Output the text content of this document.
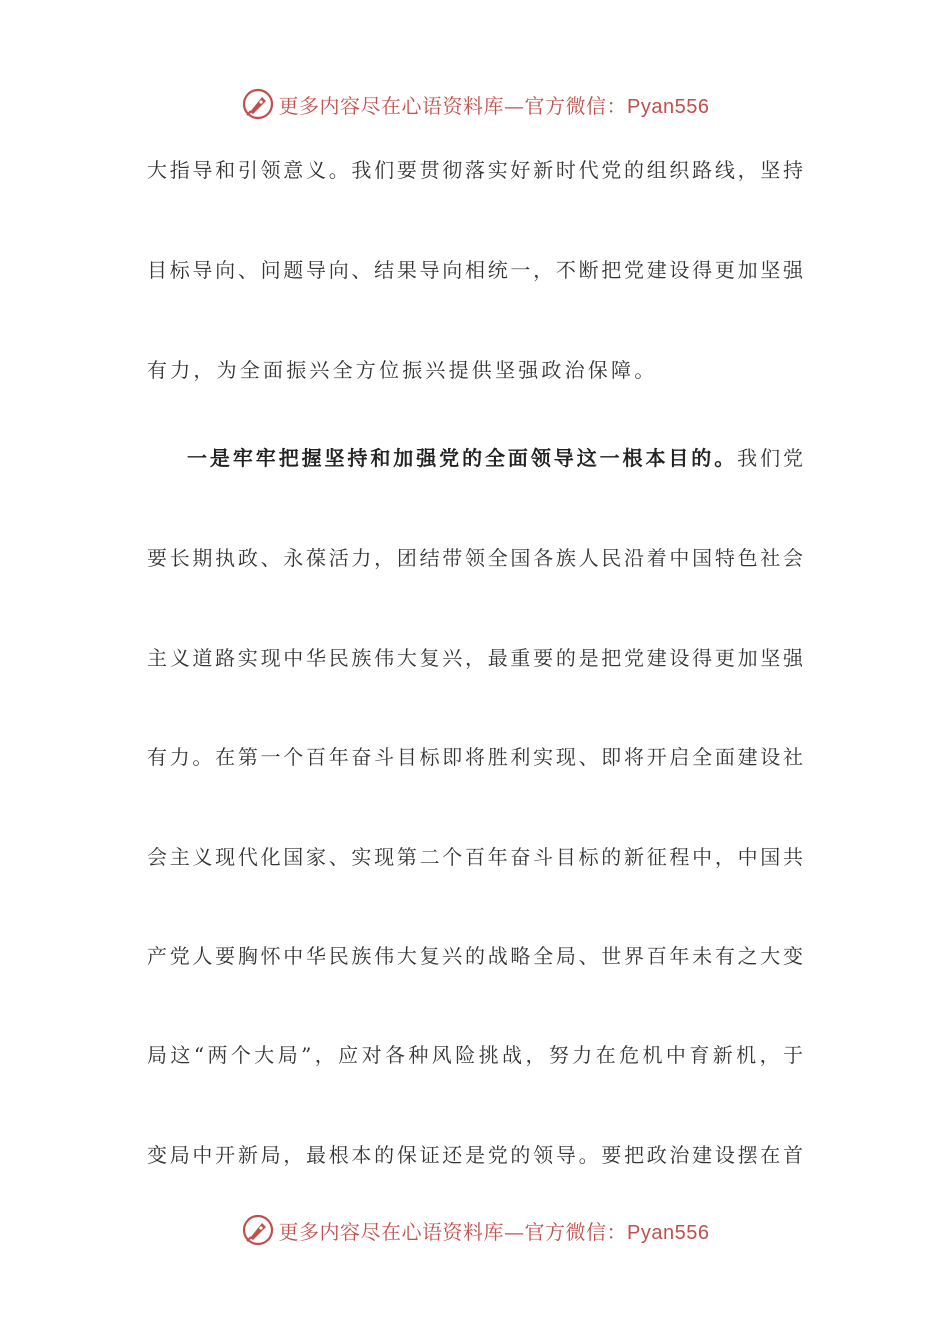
更多内容尽在心语资料库—官方微信：Pyan556
大指导和引领意义。我们要贯彻落实好新时代党的组织路线，坚持
目标导向、问题导向、结果导向相统一，不断把党建设得更加坚强
有力，为全面振兴全方位振兴提供坚强政治保障。
一是牢牢把握坚持和加强党的全面领导这一根本目的。我们党
要长期执政、永葆活力，团结带领全国各族人民沿着中国特色社会
主义道路实现中华民族伟大复兴，最重要的是把党建设得更加坚强
有力。在第一个百年奋斗目标即将胜利实现、即将开启全面建设社
会主义现代化国家、实现第二个百年奋斗目标的新征程中，中国共
产党人要胸怀中华民族伟大复兴的战略全局、世界百年未有之大变
局这“两个大局”，应对各种风险挑战，努力在危机中育新机，于
变局中开新局，最根本的保证还是党的领导。要把政治建设摆在首
更多内容尽在心语资料库—官方微信：Pyan556
